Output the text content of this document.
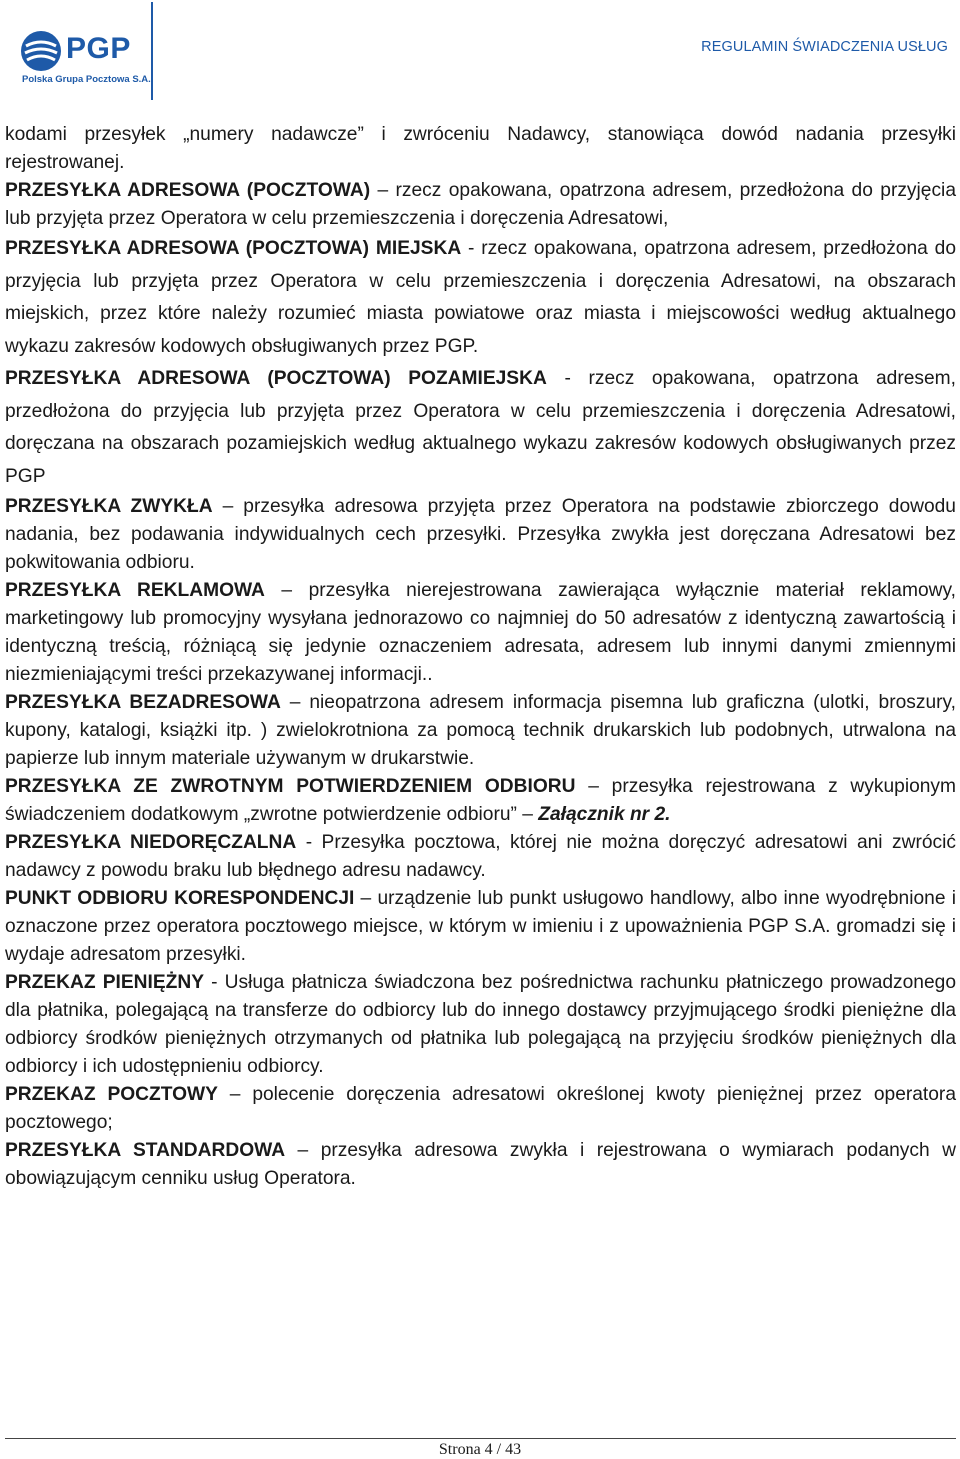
PGP
Polska Grupa Pocztowa S.A.
REGULAMIN ŚWIADCZENIA USŁUG

kodami przesyłek „numery nadawcze” i zwróceniu Nadawcy, stanowiąca dowód nadania przesyłki rejestrowanej.

PRZESYŁKA ADRESOWA (POCZTOWA) – rzecz opakowana, opatrzona adresem, przedłożona do przyjęcia lub przyjęta przez Operatora w celu przemieszczenia i doręczenia Adresatowi,

PRZESYŁKA ADRESOWA (POCZTOWA) MIEJSKA - rzecz opakowana, opatrzona adresem, przedłożona do przyjęcia lub przyjęta przez Operatora w celu przemieszczenia i doręczenia Adresatowi, na obszarach miejskich, przez które należy rozumieć miasta powiatowe oraz miasta i miejscowości według aktualnego wykazu zakresów kodowych obsługiwanych przez PGP.

PRZESYŁKA ADRESOWA (POCZTOWA) POZAMIEJSKA - rzecz opakowana, opatrzona adresem, przedłożona do przyjęcia lub przyjęta przez Operatora w celu przemieszczenia i doręczenia Adresatowi, doręczana na obszarach pozamiejskich według aktualnego wykazu zakresów kodowych obsługiwanych przez PGP

PRZESYŁKA ZWYKŁA – przesyłka adresowa przyjęta przez Operatora na podstawie zbiorczego dowodu nadania, bez podawania indywidualnych cech przesyłki. Przesyłka zwykła jest doręczana Adresatowi bez pokwitowania odbioru.

PRZESYŁKA REKLAMOWA – przesyłka nierejestrowana zawierająca wyłącznie materiał reklamowy, marketingowy lub promocyjny wysyłana jednorazowo co najmniej do 50 adresatów z identyczną zawartością i identyczną treścią, różniącą się jedynie oznaczeniem adresata, adresem lub innymi danymi zmiennymi niezmieniającymi treści przekazywanej informacji..

PRZESYŁKA BEZADRESOWA – nieopatrzona adresem informacja pisemna lub graficzna (ulotki, broszury, kupony, katalogi, książki itp. ) zwielokrotniona za pomocą technik drukarskich lub podobnych, utrwalona na papierze lub innym materiale używanym w drukarstwie.

PRZESYŁKA ZE ZWROTNYM POTWIERDZENIEM ODBIORU – przesyłka rejestrowana z wykupionym świadczeniem dodatkowym „zwrotne potwierdzenie odbioru” – Załącznik nr 2.

PRZESYŁKA NIEDORĘCZALNA - Przesyłka pocztowa, której nie można doręczyć adresatowi ani zwrócić nadawcy z powodu braku lub błędnego adresu nadawcy.

PUNKT ODBIORU KORESPONDENCJI – urządzenie lub punkt usługowo handlowy, albo inne wyodrębnione i oznaczone przez operatora pocztowego miejsce, w którym w imieniu i z upoważnienia PGP S.A. gromadzi się i wydaje adresatom przesyłki.

PRZEKAZ PIENIĘŻNY - Usługa płatnicza świadczona bez pośrednictwa rachunku płatniczego prowadzonego dla płatnika, polegającą na transferze do odbiorcy lub do innego dostawcy przyjmującego środki pieniężne dla odbiorcy środków pieniężnych otrzymanych od płatnika lub polegającą na przyjęciu środków pieniężnych dla odbiorcy i ich udostępnieniu odbiorcy.

PRZEKAZ POCZTOWY – polecenie doręczenia adresatowi określonej kwoty pieniężnej przez operatora pocztowego;

PRZESYŁKA STANDARDOWA – przesyłka adresowa zwykła i rejestrowana o wymiarach podanych w obowiązującym cenniku usług Operatora.

Strona 4 / 43
